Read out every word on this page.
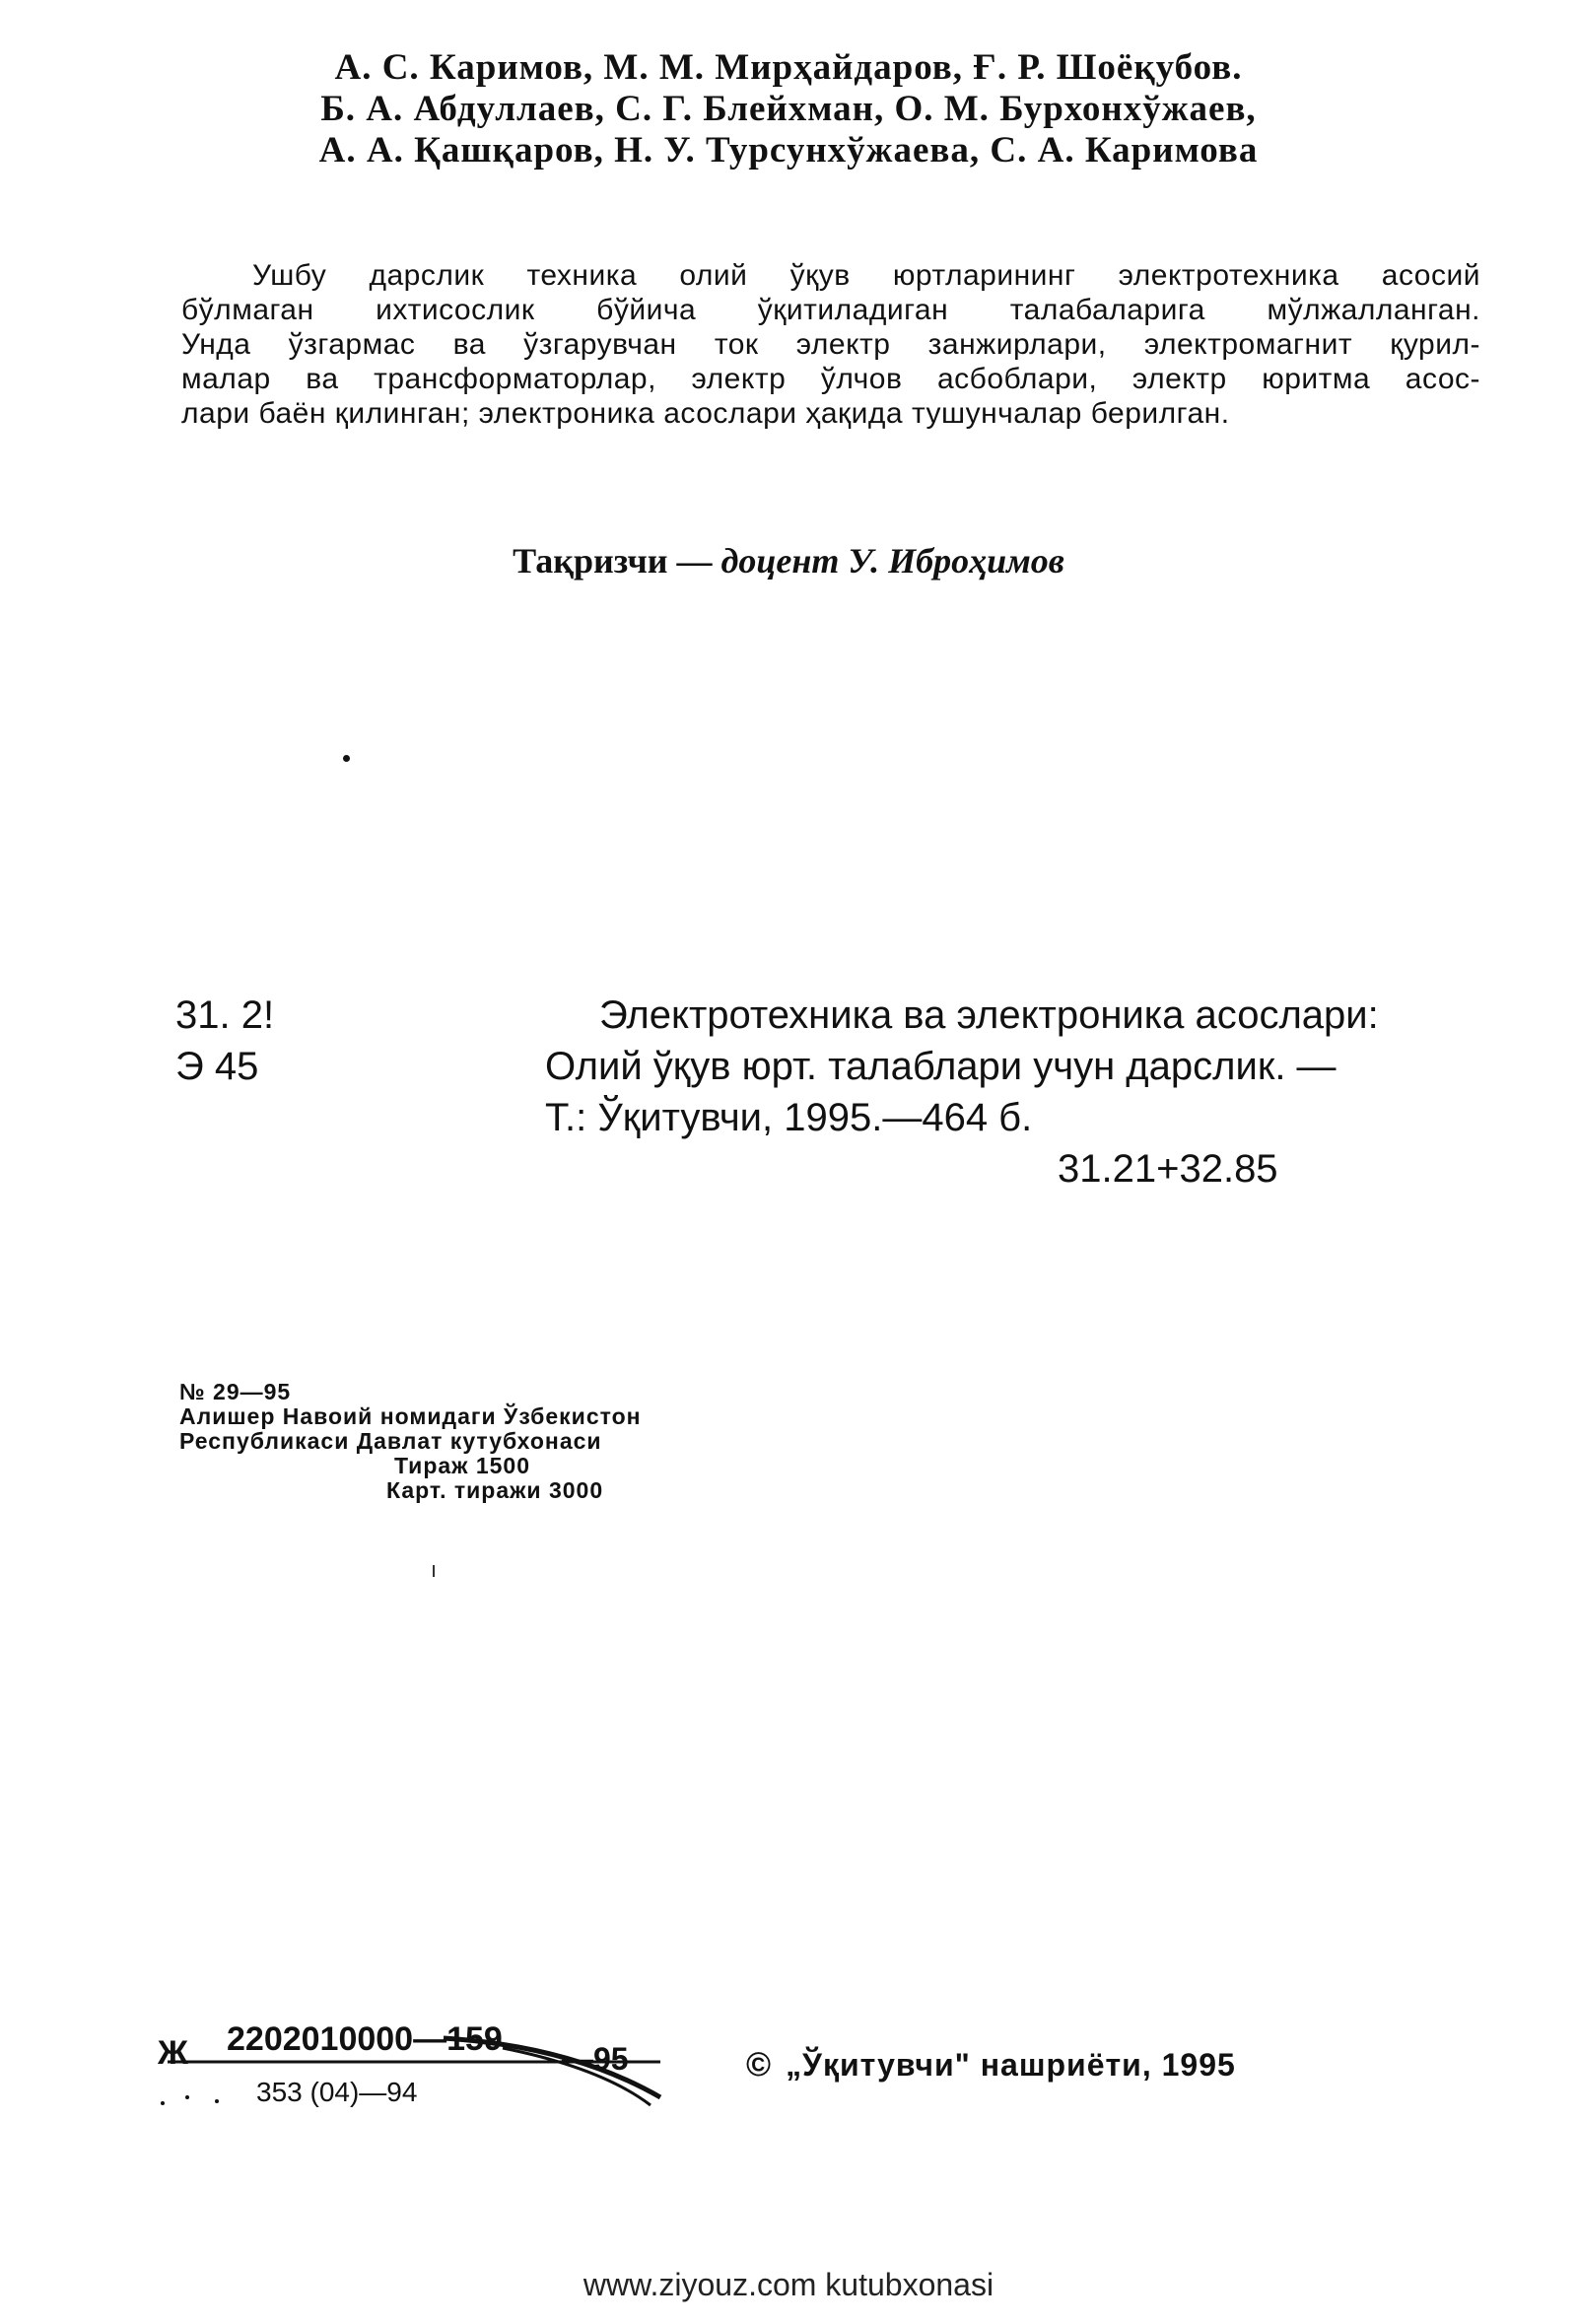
А. С. Каримов, М. М. Мирҳайдаров, Ғ. Р. Шоёқубов.
Б. А. Абдуллаев, С. Г. Блейхман, О. М. Бурхонхўжаев,
А. А. Қашқаров, Н. У. Турсунхўжаева, С. А. Каримова
Ушбу дарслик техника олий ўқув юртларининг электротехника асосий
бўлмаган ихтисослик бўйича ўқитиладиган талабаларига мўлжалланган.
Унда ўзгармас ва ўзгарувчан ток электр занжирлари, электромагнит қурил-
малар ва трансформаторлар, электр ўлчов асбоблари, электр юритма асос-
лари баён қилинган; электроника асослари ҳақида тушунчалар берилган.
Тақризчи — доцент У. Иброҳимов
31. 2!
Э 45
Электротехника ва электроника асослари:
Олий ўқув юрт. талаблари учун дарслик. —
Т.: Ўқитувчи, 1995.—464 б.
31.21+32.85
№ 29—95
Алишер Навоий номидаги Ўзбекистон
Республикаси Давлат кутубхонаси
Тираж 1500
Карт. тиражи 3000
Ж 2202010000—159
—95
353 (04)—94
© „Ўқитувчи" нашриёти, 1995
www.ziyouz.com kutubxonasi
